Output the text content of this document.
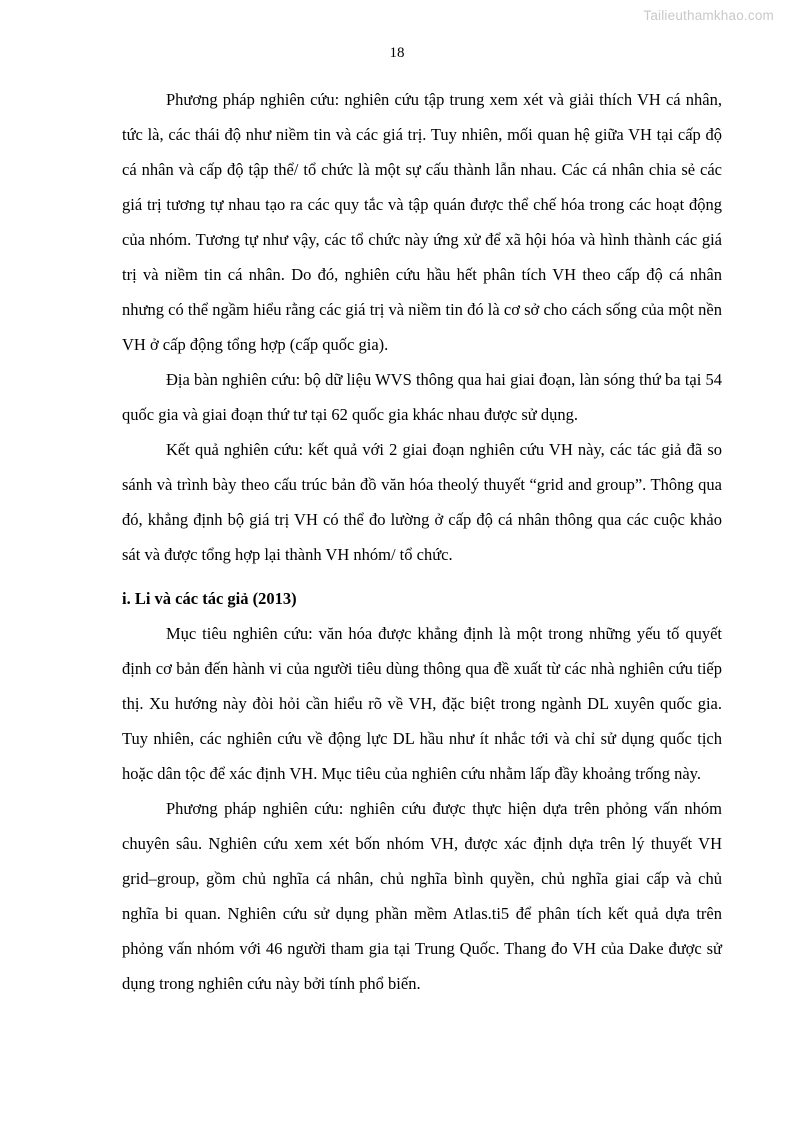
Tailieuthamkhao.com
18

Phương pháp nghiên cứu: nghiên cứu tập trung xem xét và giải thích VH cá nhân, tức là, các thái độ như niềm tin và các giá trị. Tuy nhiên, mối quan hệ giữa VH tại cấp độ cá nhân và cấp độ tập thể/ tổ chức là một sự cấu thành lẫn nhau. Các cá nhân chia sẻ các giá trị tương tự nhau tạo ra các quy tắc và tập quán được thể chế hóa trong các hoạt động của nhóm. Tương tự như vậy, các tổ chức này ứng xử để xã hội hóa và hình thành các giá trị và niềm tin cá nhân. Do đó, nghiên cứu hầu hết phân tích VH theo cấp độ cá nhân nhưng có thể ngầm hiểu rằng các giá trị và niềm tin đó là cơ sở cho cách sống của một nền VH ở cấp động tổng hợp (cấp quốc gia).

Địa bàn nghiên cứu: bộ dữ liệu WVS thông qua hai giai đoạn, làn sóng thứ ba tại 54 quốc gia và giai đoạn thứ tư tại 62 quốc gia khác nhau được sử dụng.

Kết quả nghiên cứu: kết quả với 2 giai đoạn nghiên cứu VH này, các tác giả đã so sánh và trình bày theo cấu trúc bản đồ văn hóa theolý thuyết “grid and group”. Thông qua đó, khẳng định bộ giá trị VH có thể đo lường ở cấp độ cá nhân thông qua các cuộc khảo sát và được tổng hợp lại thành VH nhóm/ tổ chức.

i. Li và các tác giả (2013)

Mục tiêu nghiên cứu: văn hóa được khẳng định là một trong những yếu tố quyết định cơ bản đến hành vi của người tiêu dùng thông qua đề xuất từ các nhà nghiên cứu tiếp thị. Xu hướng này đòi hỏi cần hiểu rõ về VH, đặc biệt trong ngành DL xuyên quốc gia. Tuy nhiên, các nghiên cứu về động lực DL hầu như ít nhắc tới và chỉ sử dụng quốc tịch hoặc dân tộc để xác định VH. Mục tiêu của nghiên cứu nhằm lấp đầy khoảng trống này.

Phương pháp nghiên cứu: nghiên cứu được thực hiện dựa trên phỏng vấn nhóm chuyên sâu. Nghiên cứu xem xét bốn nhóm VH, được xác định dựa trên lý thuyết VH grid–group, gồm chủ nghĩa cá nhân, chủ nghĩa bình quyền, chủ nghĩa giai cấp và chủ nghĩa bi quan. Nghiên cứu sử dụng phần mềm Atlas.ti5 để phân tích kết quả dựa trên phỏng vấn nhóm với 46 người tham gia tại Trung Quốc. Thang đo VH của Dake được sử dụng trong nghiên cứu này bởi tính phổ biến.
